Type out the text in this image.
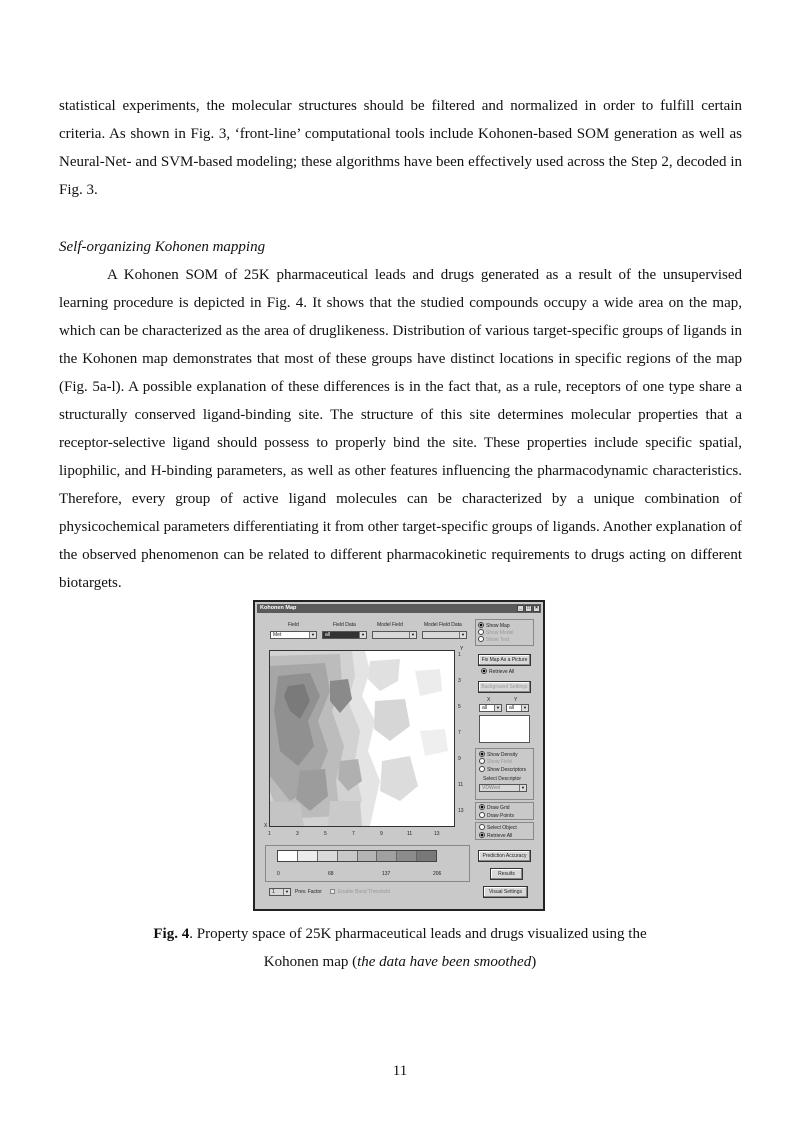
statistical experiments, the molecular structures should be filtered and normalized in order to fulfill certain criteria. As shown in Fig. 3, ‘front-line’ computational tools include Kohonen-based SOM generation as well as Neural-Net- and SVM-based modeling; these algorithms have been effectively used across the Step 2, decoded in Fig. 3.

Self-organizing Kohonen mapping

A Kohonen SOM of 25K pharmaceutical leads and drugs generated as a result of the unsupervised learning procedure is depicted in Fig. 4. It shows that the studied compounds occupy a wide area on the map, which can be characterized as the area of druglikeness. Distribution of various target-specific groups of ligands in the Kohonen map demonstrates that most of these groups have distinct locations in specific regions of the map (Fig. 5a-l). A possible explanation of these differences is in the fact that, as a rule, receptors of one type share a structurally conserved ligand-binding site. The structure of this site determines molecular properties that a receptor-selective ligand should possess to properly bind the site. These properties include specific spatial, lipophilic, and H-binding parameters, as well as other features influencing the pharmacodynamic characteristics. Therefore, every group of active ligand molecules can be characterized by a unique combination of physicochemical parameters differentiating it from other target-specific groups of ligands. Another explanation of the observed phenomenon can be related to different pharmacokinetic requirements to drugs acting on different biotargets.

Kohonen Map	_	□	×
Field	Field Data	Model Field	Model Field Data
Met	▼	all	▼	▼	▼
Show Map
Show Model
Show Test
Y
1
3
5
7
9
11
13
X
1	3	5	7	9	11	13
Fix Map As a Picture
Retrieve All
Background Settings
X	Y
all	▼	all	▼
Show Density
Show Field
Show Descriptors
Select Descriptor
VDWvol	▼
Draw Grid
Draw Points
Select Object
Retrieve All
0	68	137	206
Prediction Accuracy
Results
Visual Settings
1	▼ Prev. Factor	Enable Band Threshold

Fig. 4. Property space of 25K pharmaceutical leads and drugs visualized using the

Kohonen map (the data have been smoothed)

11
